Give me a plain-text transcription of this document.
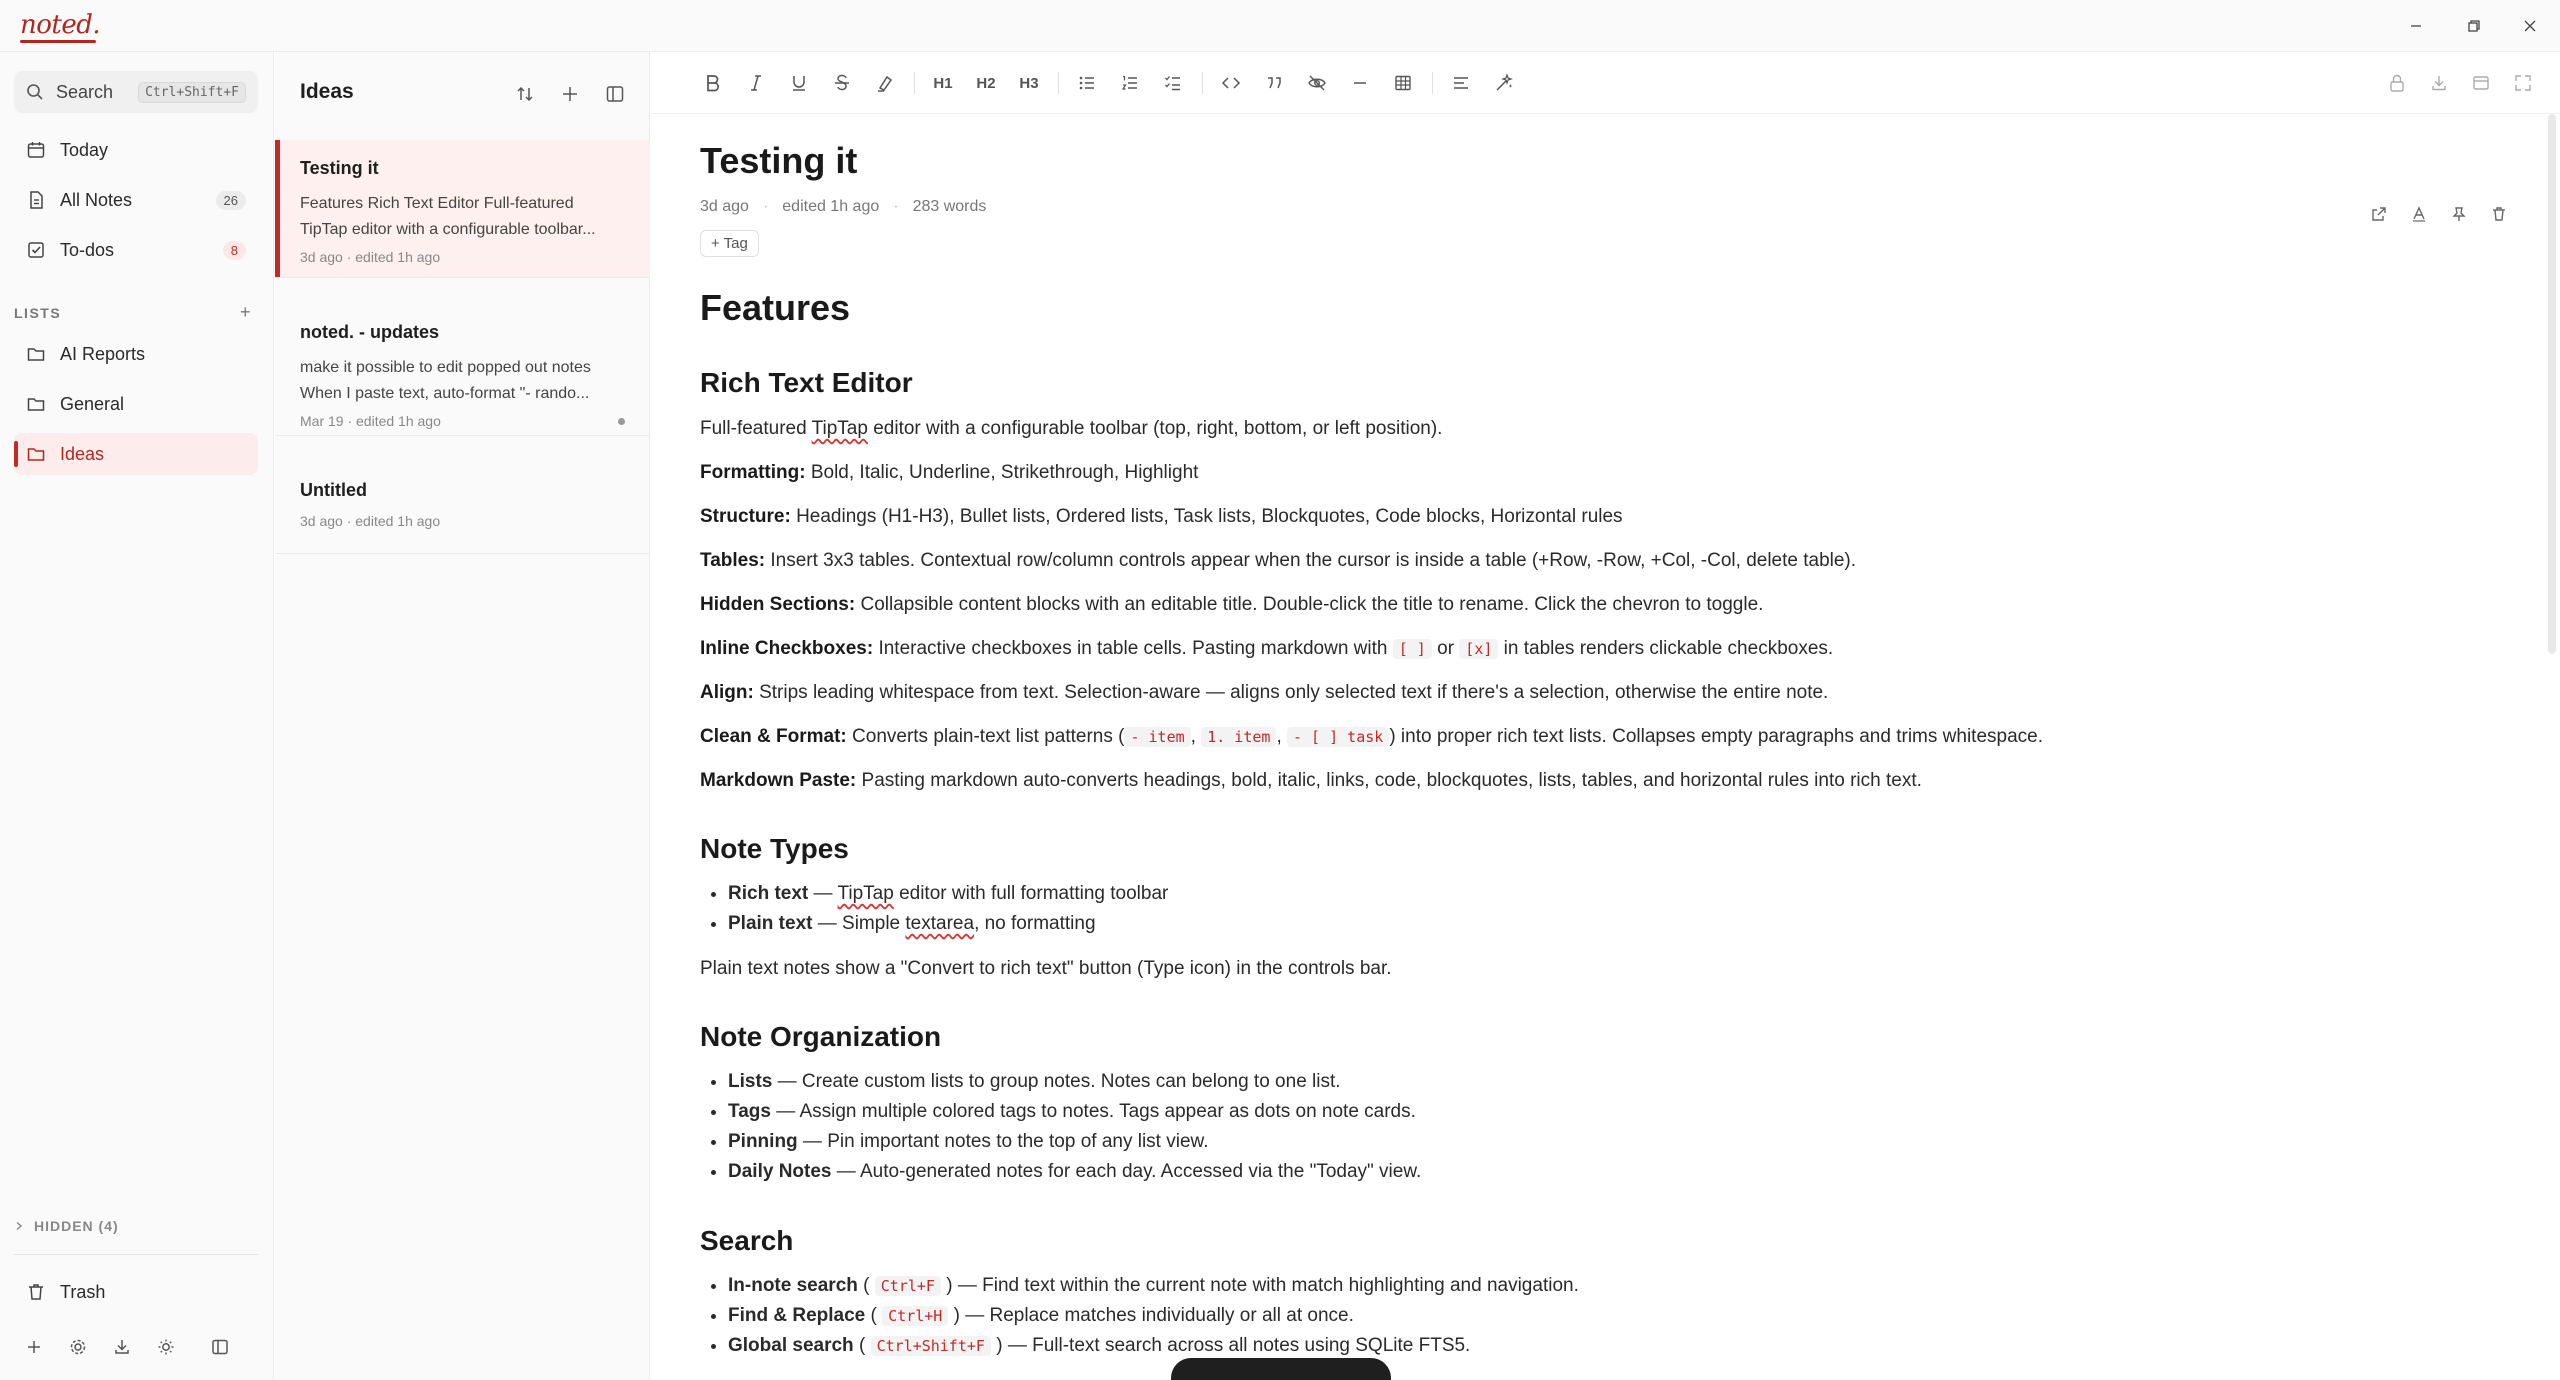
noted.
Search	Ctrl+Shift+F
Today
All Notes	26
To-dos	8
LISTS	+
AI Reports
General
Ideas
HIDDEN (4)
Trash
Ideas
Testing it
Features Rich Text Editor Full-featured
TipTap editor with a configurable toolbar...
3d ago · edited 1h ago
noted. - updates
make it possible to edit popped out notes
When I paste text, auto-format "- rando...
Mar 19 · edited 1h ago
Untitled
3d ago · edited 1h ago
H1 H2 H3
Testing it
3d ago · edited 1h ago · 283 words
+ Tag
Features
Rich Text Editor

Full-featured TipTap editor with a configurable toolbar (top, right, bottom, or left position).

Formatting: Bold, Italic, Underline, Strikethrough, Highlight

Structure: Headings (H1-H3), Bullet lists, Ordered lists, Task lists, Blockquotes, Code blocks, Horizontal rules

Tables: Insert 3x3 tables. Contextual row/column controls appear when the cursor is inside a table (+Row, -Row, +Col, -Col, delete table).

Hidden Sections: Collapsible content blocks with an editable title. Double-click the title to rename. Click the chevron to toggle.

Inline Checkboxes: Interactive checkboxes in table cells. Pasting markdown with [ ] or [x] in tables renders clickable checkboxes.

Align: Strips leading whitespace from text. Selection-aware — aligns only selected text if there's a selection, otherwise the entire note.

Clean & Format: Converts plain-text list patterns ( - item , 1. item , - [ ] task ) into proper rich text lists. Collapses empty paragraphs and trims whitespace.

Markdown Paste: Pasting markdown auto-converts headings, bold, italic, links, code, blockquotes, lists, tables, and horizontal rules into rich text.

Note Types
• Rich text — TipTap editor with full formatting toolbar
• Plain text — Simple textarea, no formatting

Plain text notes show a "Convert to rich text" button (Type icon) in the controls bar.

Note Organization
• Lists — Create custom lists to group notes. Notes can belong to one list.
• Tags — Assign multiple colored tags to notes. Tags appear as dots on note cards.
• Pinning — Pin important notes to the top of any list view.
• Daily Notes — Auto-generated notes for each day. Accessed via the "Today" view.
Search
• In-note search ( Ctrl+F ) — Find text within the current note with match highlighting and navigation.
• Find & Replace ( Ctrl+H ) — Replace matches individually or all at once.
• Global search ( Ctrl+Shift+F ) — Full-text search across all notes using SQLite FTS5.
